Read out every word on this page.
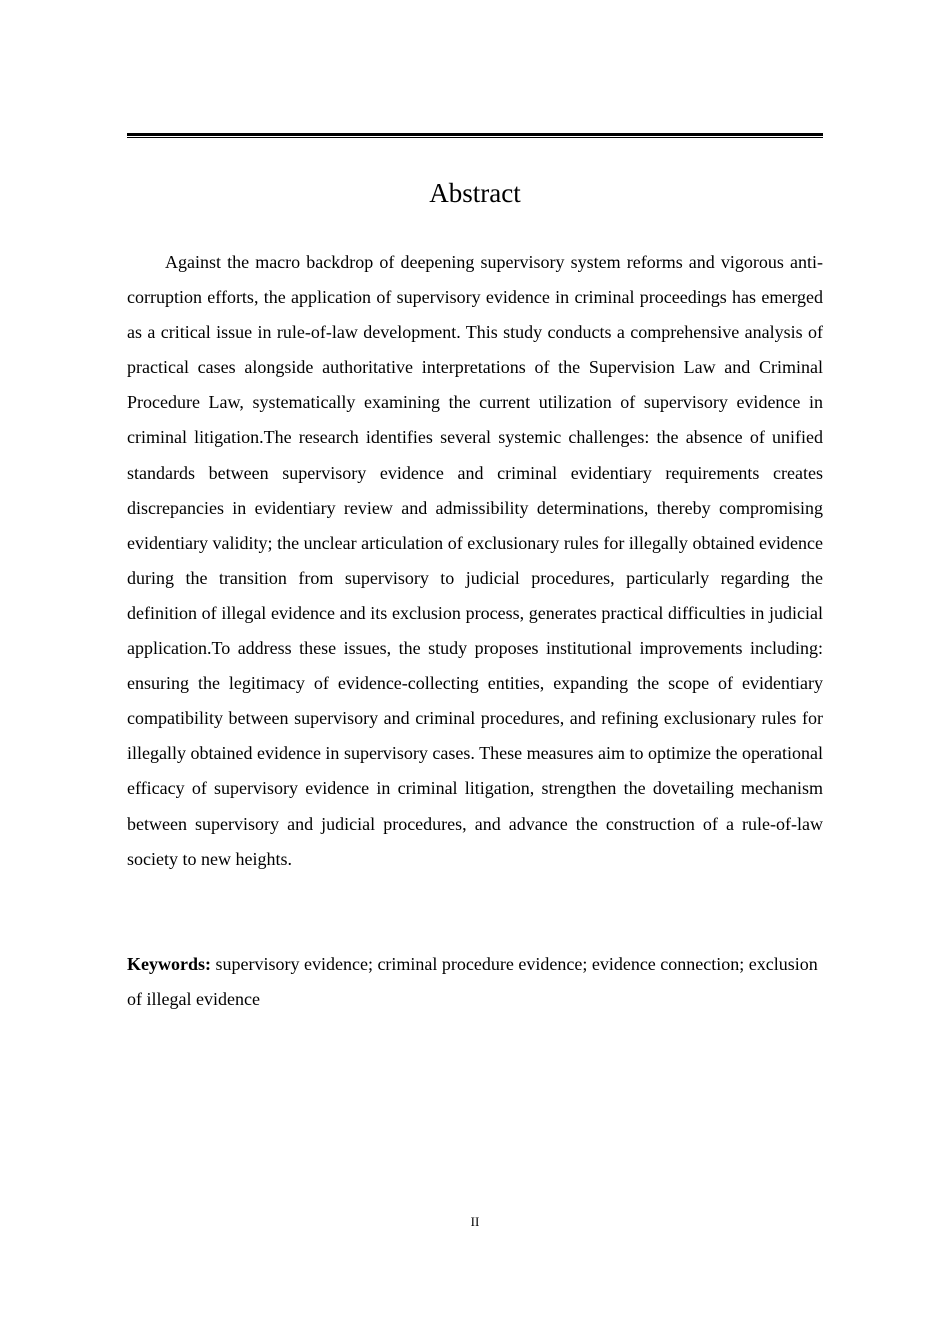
Abstract

Against the macro backdrop of deepening supervisory system reforms and vigorous anti-corruption efforts, the application of supervisory evidence in criminal proceedings has emerged as a critical issue in rule-of-law development. This study conducts a comprehensive analysis of practical cases alongside authoritative interpretations of the Supervision Law and Criminal Procedure Law, systematically examining the current utilization of supervisory evidence in criminal litigation.The research identifies several systemic challenges: the absence of unified standards between supervisory evidence and criminal evidentiary requirements creates discrepancies in evidentiary review and admissibility determinations, thereby compromising evidentiary validity; the unclear articulation of exclusionary rules for illegally obtained evidence during the transition from supervisory to judicial procedures, particularly regarding the definition of illegal evidence and its exclusion process, generates practical difficulties in judicial application.To address these issues, the study proposes institutional improvements including: ensuring the legitimacy of evidence-collecting entities, expanding the scope of evidentiary compatibility between supervisory and criminal procedures, and refining exclusionary rules for illegally obtained evidence in supervisory cases. These measures aim to optimize the operational efficacy of supervisory evidence in criminal litigation, strengthen the dovetailing mechanism between supervisory and judicial procedures, and advance the construction of a rule-of-law society to new heights.

Keywords: supervisory evidence; criminal procedure evidence; evidence connection; exclusion of illegal evidence

II
